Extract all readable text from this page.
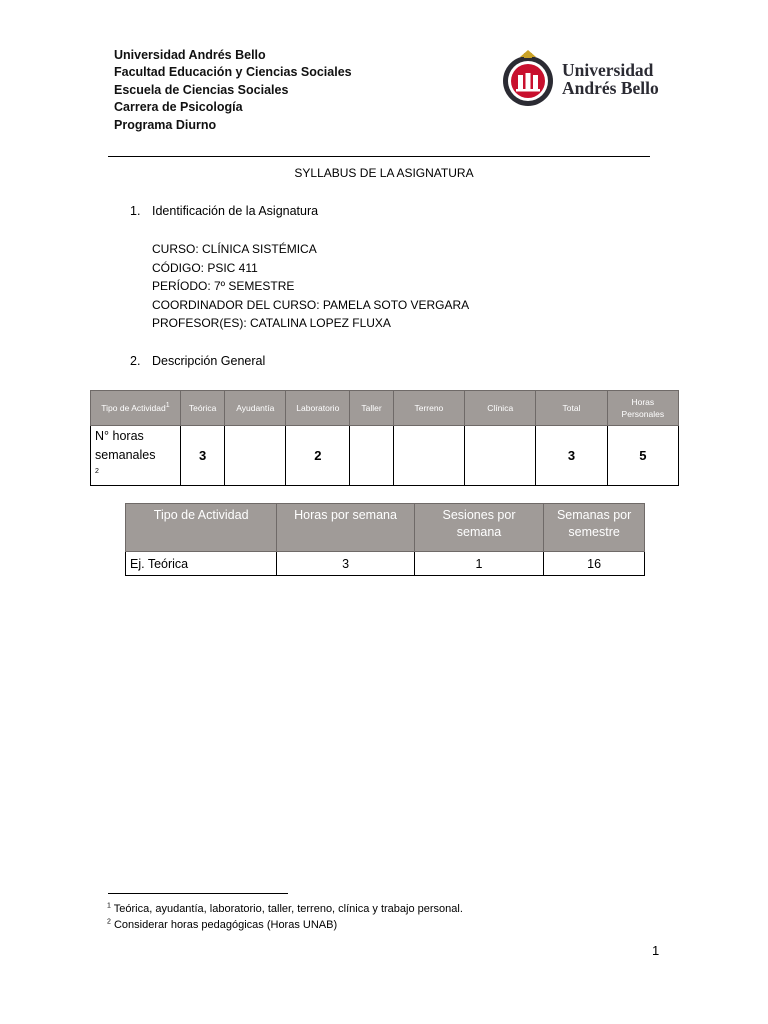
Universidad Andrés Bello
Facultad Educación y Ciencias Sociales
Escuela de Ciencias Sociales
Carrera de Psicología
Programa Diurno
Universidad
Andrés Bello
SYLLABUS DE LA ASIGNATURA
1. Identificación de la Asignatura
CURSO: CLÍNICA SISTÉMICA
CÓDIGO: PSIC 411
PERÍODO: 7º SEMESTRE
COORDINADOR DEL CURSO: PAMELA SOTO VERGARA
PROFESOR(ES): CATALINA LOPEZ FLUXA
2. Descripción General
Tipo de Actividad$^1$	Teórica	Ayudantía	Laboratorio	Taller	Terreno	Clínica	Total	Horas Personales

N° horas
semanales
$^2$	3		2				3	5
Tipo de Actividad	Horas por semana	Sesiones por semana	Semanas por semestre
Ej. Teórica	3	1	16
$^1$ Teórica, ayudantía, laboratorio, taller, terreno, clínica y trabajo personal.
$^2$ Considerar horas pedagógicas (Horas UNAB)
1
